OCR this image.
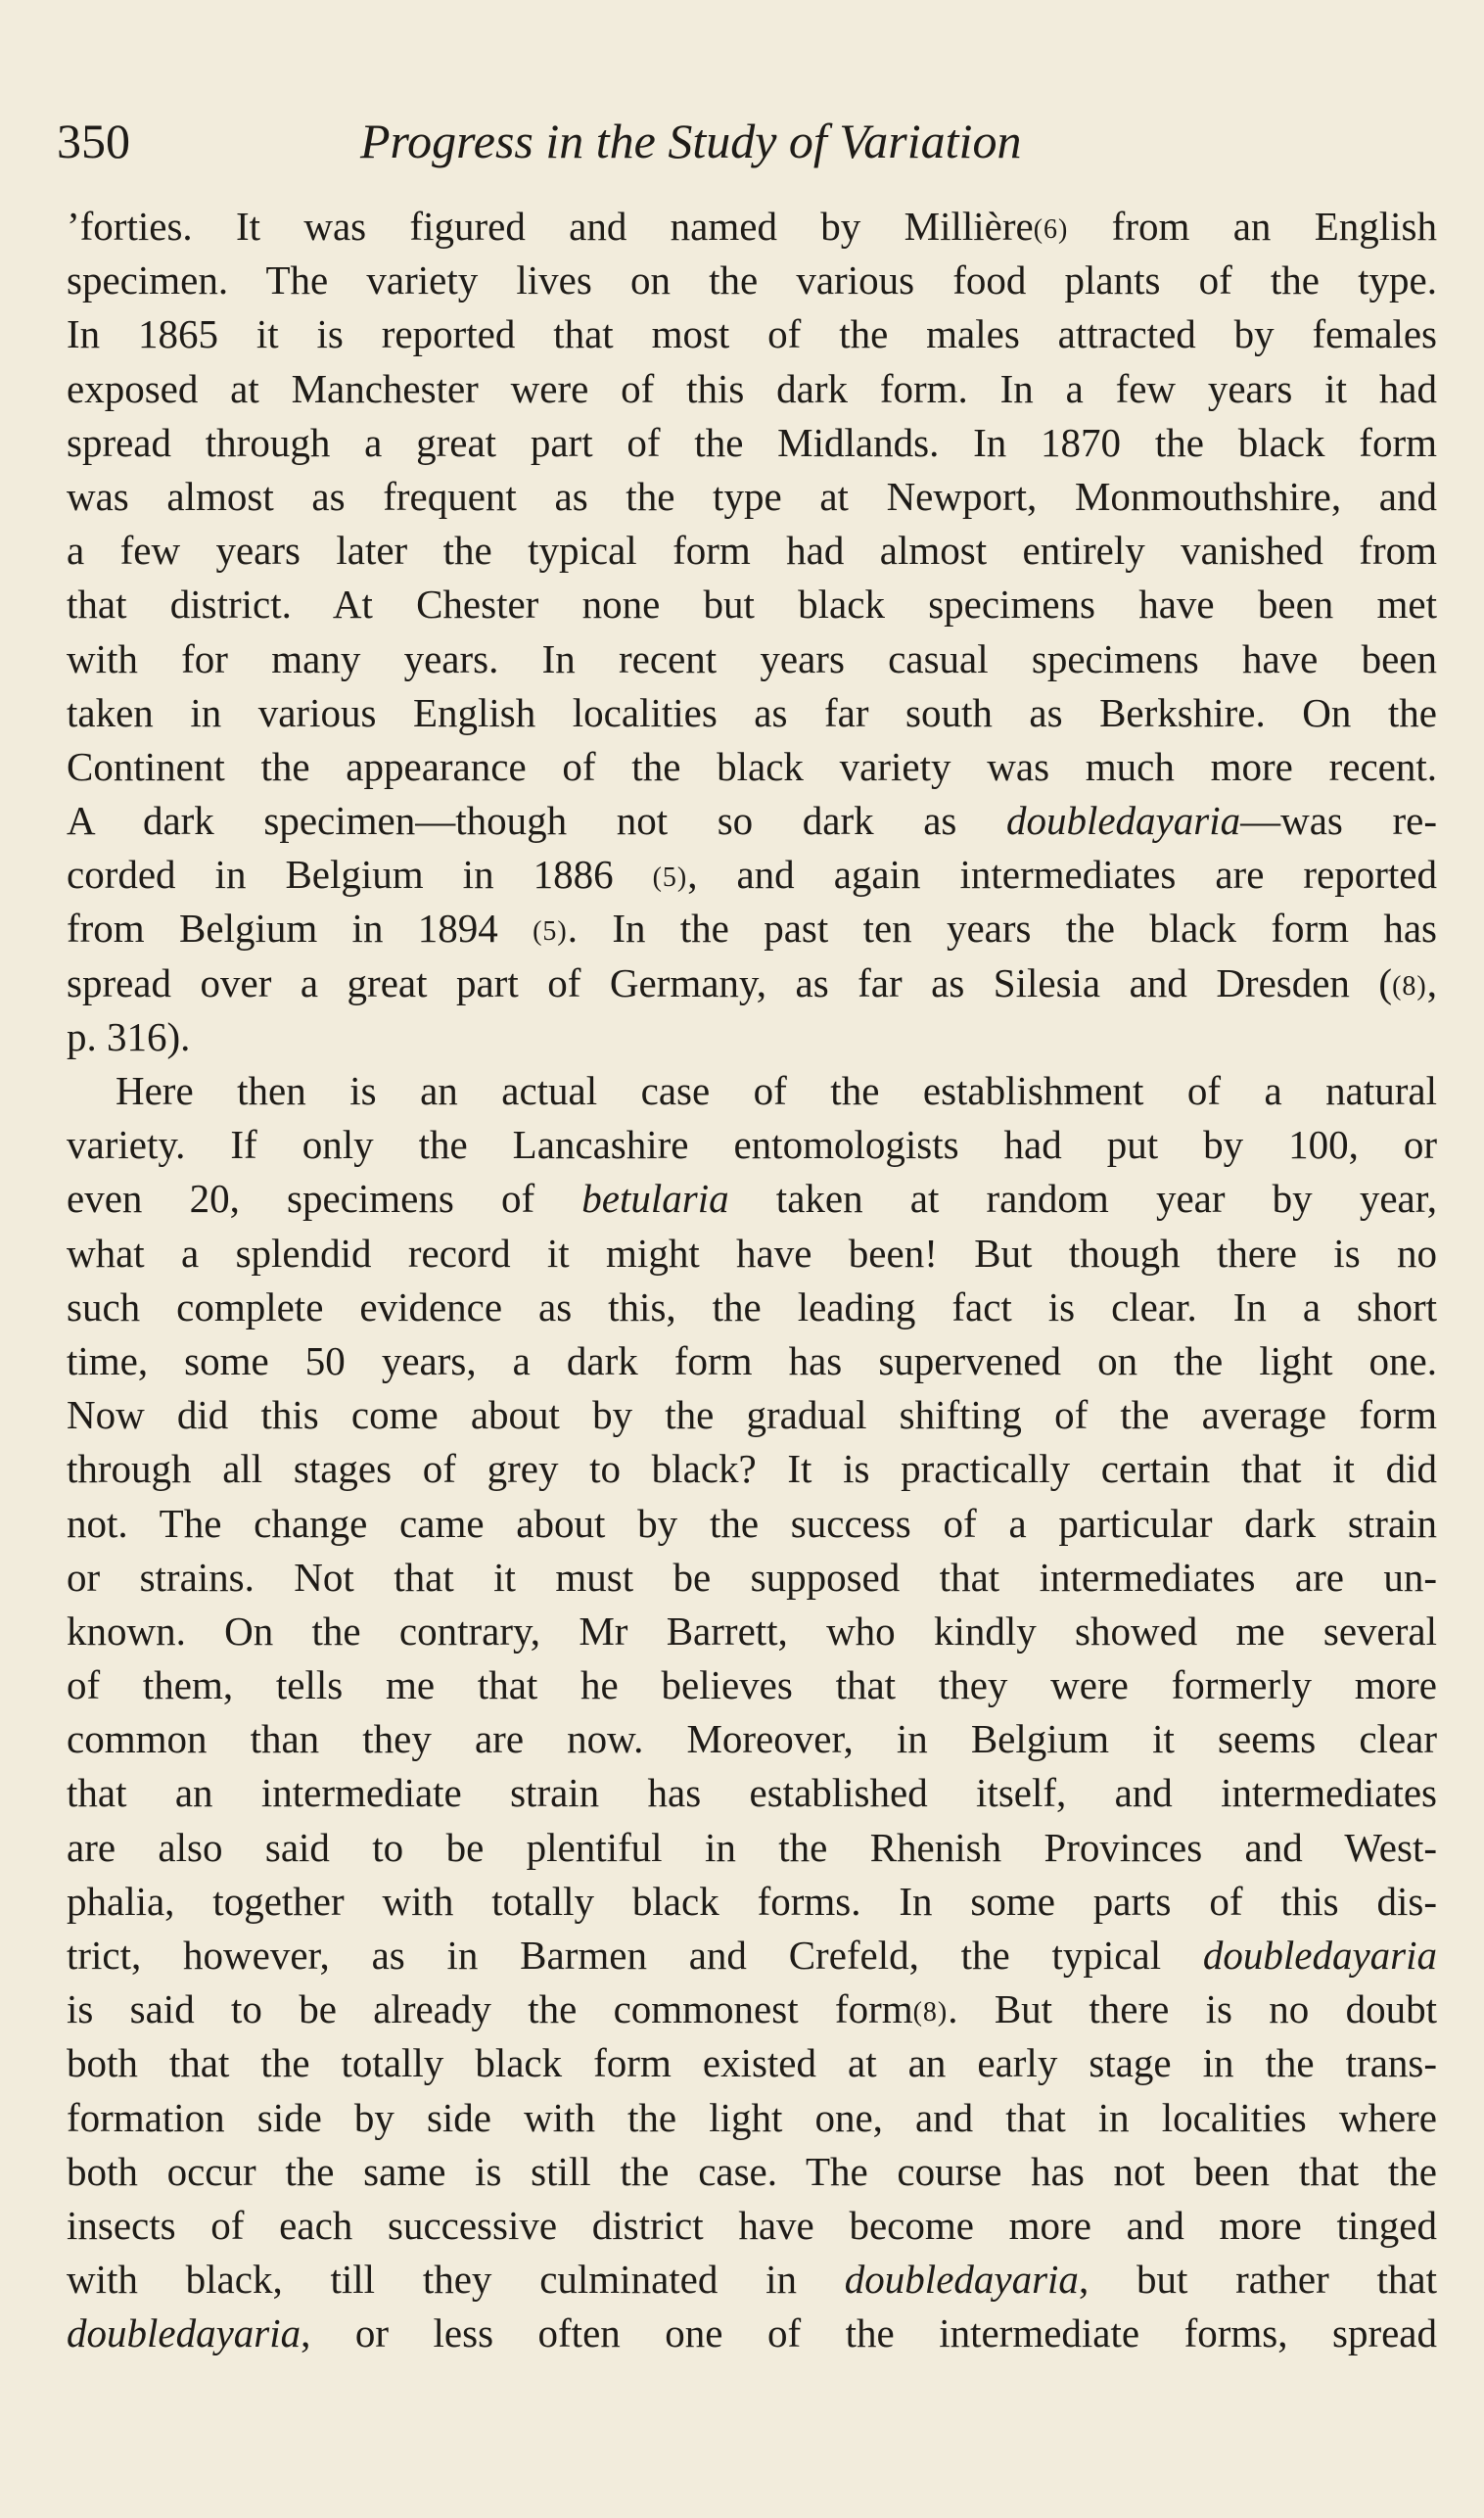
350	Progress in the Study of Variation
’forties. It was figured and named by Millière(6) from an English
specimen. The variety lives on the various food plants of the type.
In 1865 it is reported that most of the males attracted by females
exposed at Manchester were of this dark form. In a few years it had
spread through a great part of the Midlands. In 1870 the black form
was almost as frequent as the type at Newport, Monmouthshire, and
a few years later the typical form had almost entirely vanished from
that district. At Chester none but black specimens have been met
with for many years. In recent years casual specimens have been
taken in various English localities as far south as Berkshire. On the
Continent the appearance of the black variety was much more recent.
A dark specimen—though not so dark as doubledayaria—was re-
corded in Belgium in 1886 (5), and again intermediates are reported
from Belgium in 1894 (5). In the past ten years the black form has
spread over a great part of Germany, as far as Silesia and Dresden ((8),
p. 316).
Here then is an actual case of the establishment of a natural
variety. If only the Lancashire entomologists had put by 100, or
even 20, specimens of betularia taken at random year by year,
what a splendid record it might have been! But though there is no
such complete evidence as this, the leading fact is clear. In a short
time, some 50 years, a dark form has supervened on the light one.
Now did this come about by the gradual shifting of the average form
through all stages of grey to black? It is practically certain that it did
not. The change came about by the success of a particular dark strain
or strains. Not that it must be supposed that intermediates are un-
known. On the contrary, Mr Barrett, who kindly showed me several
of them, tells me that he believes that they were formerly more
common than they are now. Moreover, in Belgium it seems clear
that an intermediate strain has established itself, and intermediates
are also said to be plentiful in the Rhenish Provinces and West-
phalia, together with totally black forms. In some parts of this dis-
trict, however, as in Barmen and Crefeld, the typical doubledayaria
is said to be already the commonest form(8). But there is no doubt
both that the totally black form existed at an early stage in the trans-
formation side by side with the light one, and that in localities where
both occur the same is still the case. The course has not been that the
insects of each successive district have become more and more tinged
with black, till they culminated in doubledayaria, but rather that
doubledayaria, or less often one of the intermediate forms, spread
